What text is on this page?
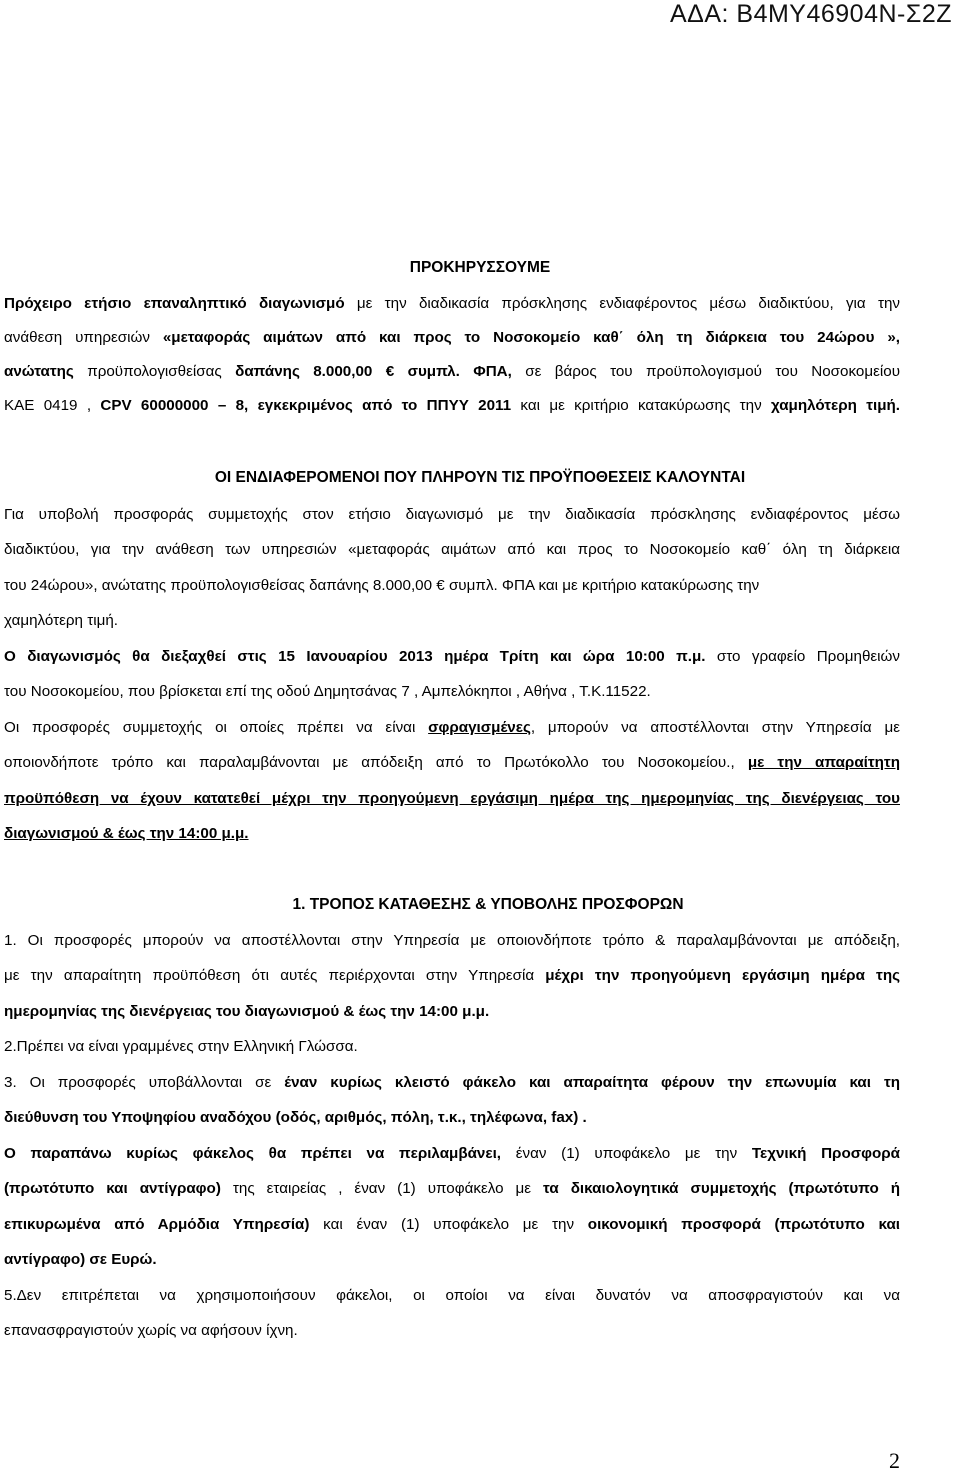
ΑΔΑ: Β4ΜΥ46904Ν-Σ2Ζ
ΠΡΟΚΗΡΥΣΣΟΥΜΕ
Πρόχειρο ετήσιο επαναληπτικό διαγωνισμό με την διαδικασία πρόσκλησης ενδιαφέροντος μέσω διαδικτύου, για την
ανάθεση υπηρεσιών «μεταφοράς αιμάτων από και προς το Νοσοκομείο καθ΄ όλη τη διάρκεια του 24ώρου »,
ανώτατης προϋπολογισθείσας δαπάνης 8.000,00 € συμπλ. ΦΠΑ, σε βάρος του προϋπολογισμού του Νοσοκομείου
ΚΑΕ 0419 , CPV 60000000 – 8, εγκεκριμένος από το ΠΠΥΥ 2011 και με κριτήριο κατακύρωσης την χαμηλότερη τιμή.
ΟΙ ΕΝΔΙΑΦΕΡΟΜΕΝΟΙ ΠΟΥ ΠΛΗΡΟΥΝ ΤΙΣ ΠΡΟΫΠΟΘΕΣΕΙΣ ΚΑΛΟΥΝΤΑΙ
Για υποβολή προσφοράς συμμετοχής στον ετήσιο διαγωνισμό με την διαδικασία πρόσκλησης ενδιαφέροντος μέσω
διαδικτύου, για την ανάθεση των υπηρεσιών «μεταφοράς αιμάτων από και προς το Νοσοκομείο καθ΄ όλη τη διάρκεια
του 24ώρου», ανώτατης προϋπολογισθείσας δαπάνης 8.000,00 € συμπλ. ΦΠΑ και με κριτήριο κατακύρωσης την
χαμηλότερη τιμή.
Ο διαγωνισμός θα διεξαχθεί στις 15 Ιανουαρίου 2013 ημέρα Τρίτη και ώρα 10:00 π.μ. στο γραφείο Προμηθειών
του Νοσοκομείου, που βρίσκεται επί της οδού Δημητσάνας 7 , Αμπελόκηποι , Αθήνα , Τ.Κ.11522.
Οι προσφορές συμμετοχής οι οποίες πρέπει να είναι σφραγισμένες, μπορούν να αποστέλλονται στην Υπηρεσία με
οποιονδήποτε τρόπο και παραλαμβάνονται με απόδειξη από το Πρωτόκολλο του Νοσοκομείου., με την απαραίτητη
προϋπόθεση να έχουν κατατεθεί μέχρι την προηγούμενη εργάσιμη ημέρα της ημερομηνίας της διενέργειας του
διαγωνισμού & έως την 14:00 μ.μ.
1. ΤΡΟΠΟΣ ΚΑΤΑΘΕΣΗΣ & ΥΠΟΒΟΛΗΣ ΠΡΟΣΦΟΡΩΝ
1. Οι προσφορές μπορούν να αποστέλλονται στην Υπηρεσία με οποιονδήποτε τρόπο & παραλαμβάνονται με απόδειξη,
με την απαραίτητη προϋπόθεση ότι αυτές περιέρχονται στην Υπηρεσία μέχρι την προηγούμενη εργάσιμη ημέρα της
ημερομηνίας της διενέργειας του διαγωνισμού & έως την 14:00 μ.μ.
2.Πρέπει να είναι γραμμένες στην Ελληνική Γλώσσα.
3. Οι προσφορές υποβάλλονται σε έναν κυρίως κλειστό φάκελο και απαραίτητα φέρουν την επωνυμία και τη
διεύθυνση του Υποψηφίου αναδόχου (οδός, αριθμός, πόλη, τ.κ., τηλέφωνα, fax) .
Ο παραπάνω κυρίως φάκελος θα πρέπει να περιλαμβάνει, έναν (1) υποφάκελο με την Τεχνική Προσφορά
(πρωτότυπο και αντίγραφο) της εταιρείας , έναν (1) υποφάκελο με τα δικαιολογητικά συμμετοχής (πρωτότυπο ή
επικυρωμένα από Αρμόδια Υπηρεσία) και έναν (1) υποφάκελο με την οικονομική προσφορά (πρωτότυπο και
αντίγραφο) σε Ευρώ.
5.Δεν επιτρέπεται να χρησιμοποιήσουν φάκελοι, οι οποίοι να είναι δυνατόν να αποσφραγιστούν και να
επανασφραγιστούν χωρίς να αφήσουν ίχνη.
2
